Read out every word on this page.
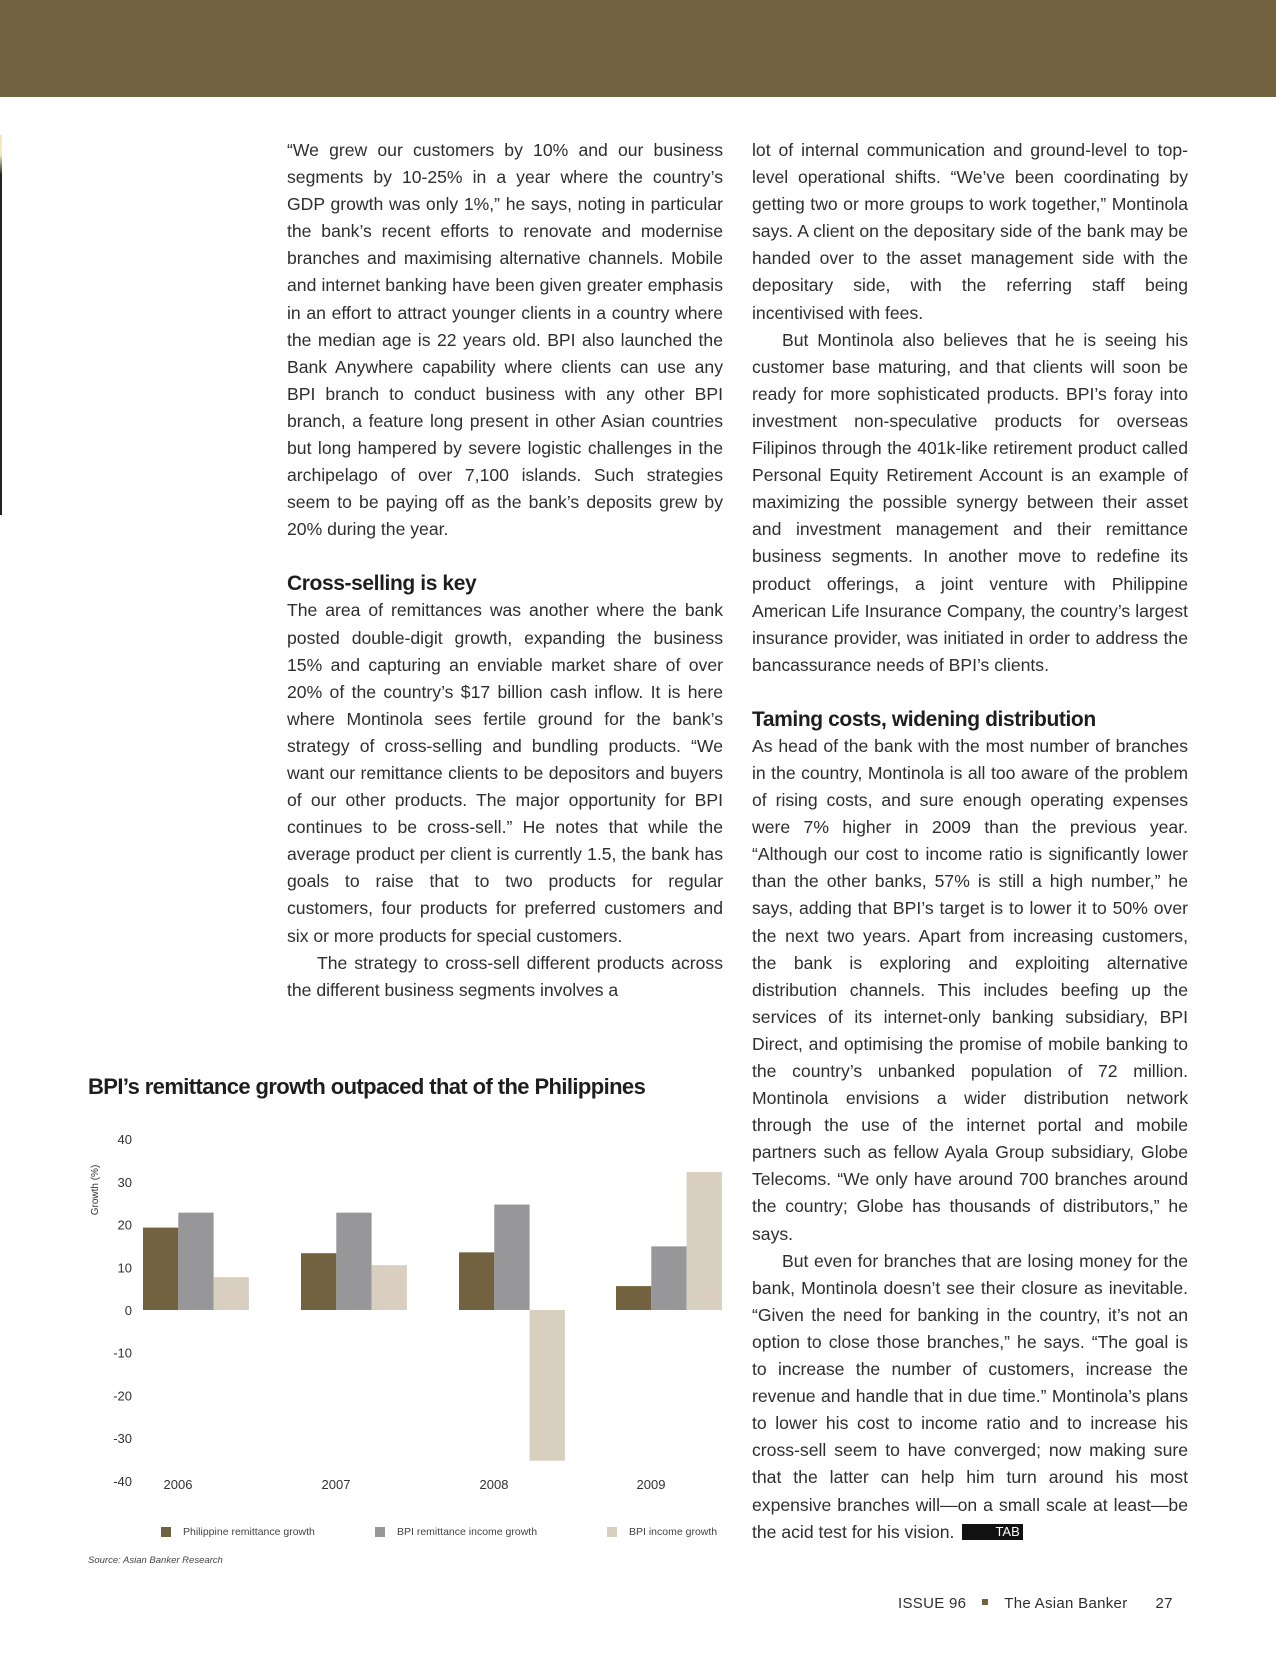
“We grew our customers by 10% and our business segments by 10-25% in a year where the country’s GDP growth was only 1%,” he says, noting in particular the bank’s recent efforts to renovate and modernise branches and maximising alternative channels. Mobile and internet banking have been given greater emphasis in an effort to attract younger clients in a country where the median age is 22 years old. BPI also launched the Bank Anywhere capability where clients can use any BPI branch to conduct business with any other BPI branch, a feature long present in other Asian countries but long hampered by severe logistic challenges in the archipelago of over 7,100 islands. Such strategies seem to be paying off as the bank’s deposits grew by 20% during the year.

Cross-selling is key

The area of remittances was another where the bank posted double-digit growth, expanding the business 15% and capturing an enviable market share of over 20% of the country’s $17 billion cash inflow. It is here where Montinola sees fertile ground for the bank’s strategy of cross-selling and bundling products. “We want our remittance clients to be depositors and buyers of our other products. The major opportunity for BPI continues to be cross-sell.” He notes that while the average product per client is currently 1.5, the bank has goals to raise that to two products for regular customers, four products for preferred customers and six or more products for special customers.

The strategy to cross-sell different products across the different business segments involves a

lot of internal communication and ground-level to top-level operational shifts. “We’ve been coordinating by getting two or more groups to work together,” Montinola says. A client on the depositary side of the bank may be handed over to the asset management side with the depositary side, with the referring staff being incentivised with fees.

But Montinola also believes that he is seeing his customer base maturing, and that clients will soon be ready for more sophisticated products. BPI’s foray into investment non-speculative products for overseas Filipinos through the 401k-like retirement product called Personal Equity Retirement Account is an example of maximizing the possible synergy between their asset and investment management and their remittance business segments. In another move to redefine its product offerings, a joint venture with Philippine American Life Insurance Company, the country’s largest insurance provider, was initiated in order to address the bancassurance needs of BPI’s clients.

Taming costs, widening distribution

As head of the bank with the most number of branches in the country, Montinola is all too aware of the problem of rising costs, and sure enough operating expenses were 7% higher in 2009 than the previous year. “Although our cost to income ratio is significantly lower than the other banks, 57% is still a high number,” he says, adding that BPI’s target is to lower it to 50% over the next two years. Apart from increasing customers, the bank is exploring and exploiting alternative distribution channels. This includes beefing up the services of its internet-only banking subsidiary, BPI Direct, and optimising the promise of mobile banking to the country’s unbanked population of 72 million. Montinola envisions a wider distribution network through the use of the internet portal and mobile partners such as fellow Ayala Group subsidiary, Globe Telecoms. “We only have around 700 branches around the country; Globe has thousands of distributors,” he says.

But even for branches that are losing money for the bank, Montinola doesn’t see their closure as inevitable. “Given the need for banking in the country, it’s not an option to close those branches,” he says. “The goal is to increase the number of customers, increase the revenue and handle that in due time.” Montinola’s plans to lower his cost to income ratio and to increase his cross-sell seem to have converged; now making sure that the latter can help him turn around his most expensive branches will—on a small scale at least—be the acid test for his vision.	TAB

BPI’s remittance growth outpaced that of the Philippines
40
30
20
10
0
-10
-20
-30
-40
Growth (%)
2006	2007	2008	2009
Philippine remittance growth	BPI remittance income growth	BPI income growth
Source: Asian Banker Research
ISSUE 96	The Asian Banker 27
